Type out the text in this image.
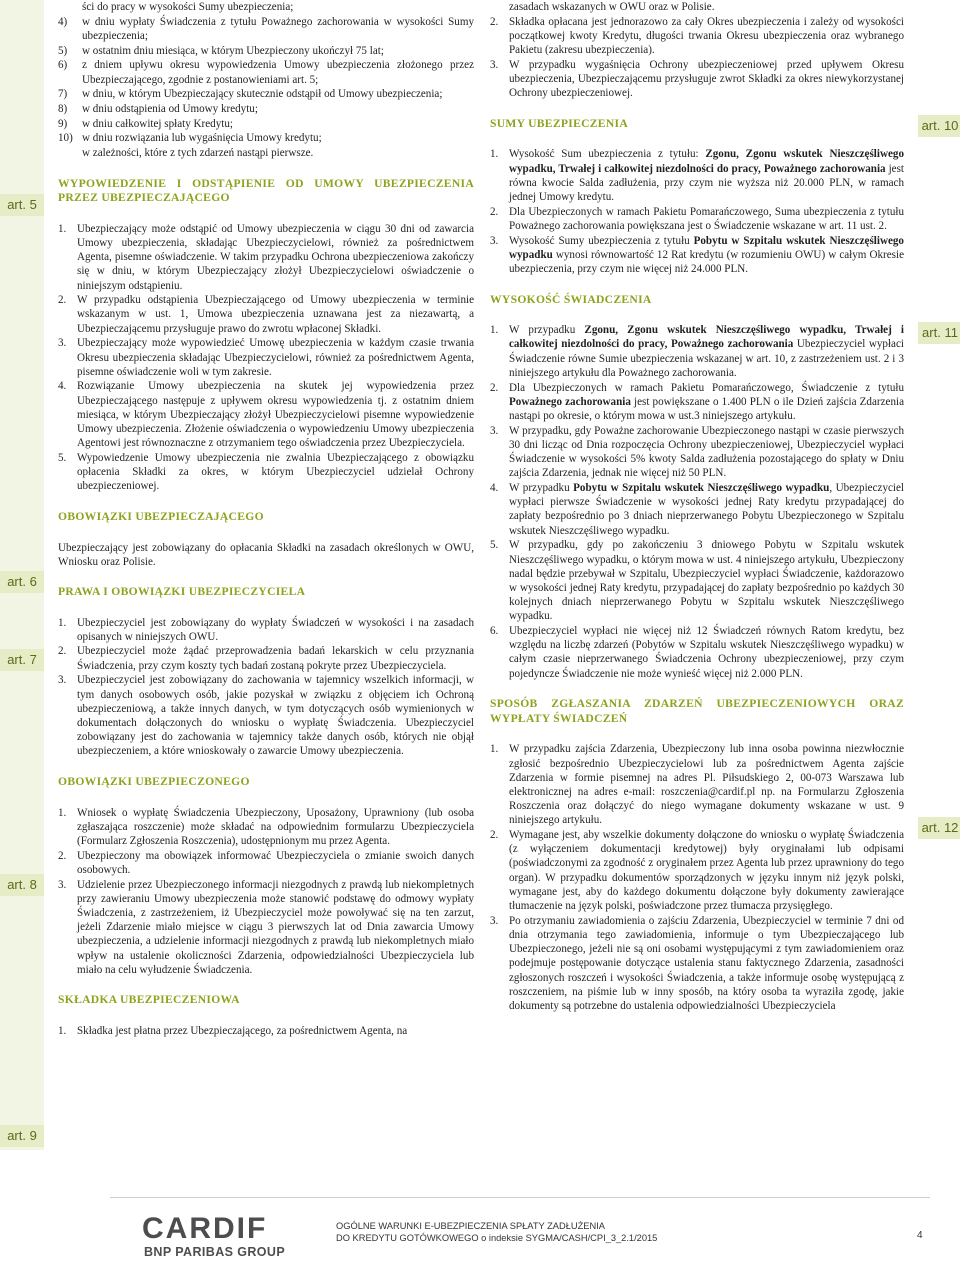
art. 5
art. 6
art. 7
art. 8
art. 9
art. 10
art. 11
art. 12
ści do pracy w wysokości Sumy ubezpieczenia;
4) w dniu wypłaty Świadczenia z tytułu Poważnego zachorowania w wysokości Sumy ubezpieczenia;
5) w ostatnim dniu miesiąca, w którym Ubezpieczony ukończył 75 lat;
6) z dniem upływu okresu wypowiedzenia Umowy ubezpieczenia złożonego przez Ubezpieczającego, zgodnie z postanowieniami art. 5;
7) w dniu, w którym Ubezpieczający skutecznie odstąpił od Umowy ubezpieczenia;
8) w dniu odstąpienia od Umowy kredytu;
9) w dniu całkowitej spłaty Kredytu;
10) w dniu rozwiązania lub wygaśnięcia Umowy kredytu;
w zależności, które z tych zdarzeń nastąpi pierwsze.
WYPOWIEDZENIE I ODSTĄPIENIE OD UMOWY UBEZPIECZENIA PRZEZ UBEZPIECZAJĄCEGO
1. Ubezpieczający może odstąpić od Umowy ubezpieczenia w ciągu 30 dni od zawarcia Umowy ubezpieczenia, składając Ubezpieczycielowi, również za pośrednictwem Agenta, pisemne oświadczenie. W takim przypadku Ochrona ubezpieczeniowa zakończy się w dniu, w którym Ubezpieczający złożył Ubezpieczycielowi oświadczenie o niniejszym odstąpieniu.
2. W przypadku odstąpienia Ubezpieczającego od Umowy ubezpieczenia w terminie wskazanym w ust. 1, Umowa ubezpieczenia uznawana jest za niezawartą, a Ubezpieczającemu przysługuje prawo do zwrotu wpłaconej Składki.
3. Ubezpieczający może wypowiedzieć Umowę ubezpieczenia w każdym czasie trwania Okresu ubezpieczenia składając Ubezpieczycielowi, również za pośrednictwem Agenta, pisemne oświadczenie woli w tym zakresie.
4. Rozwiązanie Umowy ubezpieczenia na skutek jej wypowiedzenia przez Ubezpieczającego następuje z upływem okresu wypowiedzenia tj. z ostatnim dniem miesiąca, w którym Ubezpieczający złożył Ubezpieczycielowi pisemne wypowiedzenie Umowy ubezpieczenia. Złożenie oświadczenia o wypowiedzeniu Umowy ubezpieczenia Agentowi jest równoznaczne z otrzymaniem tego oświadczenia przez Ubezpieczyciela.
5. Wypowiedzenie Umowy ubezpieczenia nie zwalnia Ubezpieczającego z obowiązku opłacenia Składki za okres, w którym Ubezpieczyciel udzielał Ochrony ubezpieczeniowej.
OBOWIĄZKI UBEZPIECZAJĄCEGO
Ubezpieczający jest zobowiązany do opłacania Składki na zasadach określonych w OWU, Wniosku oraz Polisie.
PRAWA I OBOWIĄZKI UBEZPIECZYCIELA
1. Ubezpieczyciel jest zobowiązany do wypłaty Świadczeń w wysokości i na zasadach opisanych w niniejszych OWU.
2. Ubezpieczyciel może żądać przeprowadzenia badań lekarskich w celu przyznania Świadczenia, przy czym koszty tych badań zostaną pokryte przez Ubezpieczyciela.
3. Ubezpieczyciel jest zobowiązany do zachowania w tajemnicy wszelkich informacji, w tym danych osobowych osób, jakie pozyskał w związku z objęciem ich Ochroną ubezpieczeniową, a także innych danych, w tym dotyczących osób wymienionych w dokumentach dołączonych do wniosku o wypłatę Świadczenia. Ubezpieczyciel zobowiązany jest do zachowania w tajemnicy także danych osób, których nie objął ubezpieczeniem, a które wnioskowały o zawarcie Umowy ubezpieczenia.
OBOWIĄZKI UBEZPIECZONEGO
1. Wniosek o wypłatę Świadczenia Ubezpieczony, Uposażony, Uprawniony (lub osoba zgłaszająca roszczenie) może składać na odpowiednim formularzu Ubezpieczyciela (Formularz Zgłoszenia Roszczenia), udostępnionym mu przez Agenta.
2. Ubezpieczony ma obowiązek informować Ubezpieczyciela o zmianie swoich danych osobowych.
3. Udzielenie przez Ubezpieczonego informacji niezgodnych z prawdą lub niekompletnych przy zawieraniu Umowy ubezpieczenia może stanowić podstawę do odmowy wypłaty Świadczenia, z zastrzeżeniem, iż Ubezpieczyciel może powoływać się na ten zarzut, jeżeli Zdarzenie miało miejsce w ciągu 3 pierwszych lat od Dnia zawarcia Umowy ubezpieczenia, a udzielenie informacji niezgodnych z prawdą lub niekompletnych miało wpływ na ustalenie okoliczności Zdarzenia, odpowiedzialności Ubezpieczyciela lub miało na celu wyłudzenie Świadczenia.
SKŁADKA UBEZPIECZENIOWA
1. Składka jest płatna przez Ubezpieczającego, za pośrednictwem Agenta, na
zasadach wskazanych w OWU oraz w Polisie.
2. Składka opłacana jest jednorazowo za cały Okres ubezpieczenia i zależy od wysokości początkowej kwoty Kredytu, długości trwania Okresu ubezpieczenia oraz wybranego Pakietu (zakresu ubezpieczenia).
3. W przypadku wygaśnięcia Ochrony ubezpieczeniowej przed upływem Okresu ubezpieczenia, Ubezpieczającemu przysługuje zwrot Składki za okres niewykorzystanej Ochrony ubezpieczeniowej.
SUMY UBEZPIECZENIA
1. Wysokość Sum ubezpieczenia z tytułu: Zgonu, Zgonu wskutek Nieszczęśliwego wypadku, Trwałej i całkowitej niezdolności do pracy, Poważnego zachorowania jest równa kwocie Salda zadłużenia, przy czym nie wyższa niż 20.000 PLN, w ramach jednej Umowy kredytu.
2. Dla Ubezpieczonych w ramach Pakietu Pomarańczowego, Suma ubezpieczenia z tytułu Poważnego zachorowania powiększana jest o Świadczenie wskazane w art. 11 ust. 2.
3. Wysokość Sumy ubezpieczenia z tytułu Pobytu w Szpitalu wskutek Nieszczęśliwego wypadku wynosi równowartość 12 Rat kredytu (w rozumieniu OWU) w całym Okresie ubezpieczenia, przy czym nie więcej niż 24.000 PLN.
WYSOKOŚĆ ŚWIADCZENIA
1. W przypadku Zgonu, Zgonu wskutek Nieszczęśliwego wypadku, Trwałej i całkowitej niezdolności do pracy, Poważnego zachorowania Ubezpieczyciel wypłaci Świadczenie równe Sumie ubezpieczenia wskazanej w art. 10, z zastrzeżeniem ust. 2 i 3 niniejszego artykułu dla Poważnego zachorowania.
2. Dla Ubezpieczonych w ramach Pakietu Pomarańczowego, Świadczenie z tytułu Poważnego zachorowania jest powiększane o 1.400 PLN o ile Dzień zajścia Zdarzenia nastąpi po okresie, o którym mowa w ust.3 niniejszego artykułu.
3. W przypadku, gdy Poważne zachorowanie Ubezpieczonego nastąpi w czasie pierwszych 30 dni licząc od Dnia rozpoczęcia Ochrony ubezpieczeniowej, Ubezpieczyciel wypłaci Świadczenie w wysokości 5% kwoty Salda zadłużenia pozostającego do spłaty w Dniu zajścia Zdarzenia, jednak nie więcej niż 50 PLN.
4. W przypadku Pobytu w Szpitalu wskutek Nieszczęśliwego wypadku, Ubezpieczyciel wypłaci pierwsze Świadczenie w wysokości jednej Raty kredytu przypadającej do zapłaty bezpośrednio po 3 dniach nieprzerwanego Pobytu Ubezpieczonego w Szpitalu wskutek Nieszczęśliwego wypadku.
5. W przypadku, gdy po zakończeniu 3 dniowego Pobytu w Szpitalu wskutek Nieszczęśliwego wypadku, o którym mowa w ust. 4 niniejszego artykułu, Ubezpieczony nadal będzie przebywał w Szpitalu, Ubezpieczyciel wypłaci Świadczenie, każdorazowo w wysokości jednej Raty kredytu, przypadającej do zapłaty bezpośrednio po każdych 30 kolejnych dniach nieprzerwanego Pobytu w Szpitalu wskutek Nieszczęśliwego wypadku.
6. Ubezpieczyciel wypłaci nie więcej niż 12 Świadczeń równych Ratom kredytu, bez względu na liczbę zdarzeń (Pobytów w Szpitalu wskutek Nieszczęśliwego wypadku) w całym czasie nieprzerwanego Świadczenia Ochrony ubezpieczeniowej, przy czym pojedyncze Świadczenie nie może wynieść więcej niż 2.000 PLN.
SPOSÓB ZGŁASZANIA ZDARZEŃ UBEZPIECZENIOWYCH ORAZ WYPŁATY ŚWIADCZEŃ
1. W przypadku zajścia Zdarzenia, Ubezpieczony lub inna osoba powinna niezwłocznie zgłosić bezpośrednio Ubezpieczycielowi lub za pośrednictwem Agenta zajście Zdarzenia w formie pisemnej na adres Pl. Piłsudskiego 2, 00-073 Warszawa lub elektronicznej na adres e-mail: roszczenia@cardif.pl np. na Formularzu Zgłoszenia Roszczenia oraz dołączyć do niego wymagane dokumenty wskazane w ust. 9 niniejszego artykułu.
2. Wymagane jest, aby wszelkie dokumenty dołączone do wniosku o wypłatę Świadczenia (z wyłączeniem dokumentacji kredytowej) były oryginałami lub odpisami (poświadczonymi za zgodność z oryginałem przez Agenta lub przez uprawniony do tego organ). W przypadku dokumentów sporządzonych w języku innym niż język polski, wymagane jest, aby do każdego dokumentu dołączone były dokumenty zawierające tłumaczenie na język polski, poświadczone przez tłumacza przysięgłego.
3. Po otrzymaniu zawiadomienia o zajściu Zdarzenia, Ubezpieczyciel w terminie 7 dni od dnia otrzymania tego zawiadomienia, informuje o tym Ubezpieczającego lub Ubezpieczonego, jeżeli nie są oni osobami występującymi z tym zawiadomieniem oraz podejmuje postępowanie dotyczące ustalenia stanu faktycznego Zdarzenia, zasadności zgłoszonych roszczeń i wysokości Świadczenia, a także informuje osobę występującą z roszczeniem, na piśmie lub w inny sposób, na który osoba ta wyraziła zgodę, jakie dokumenty są potrzebne do ustalenia odpowiedzialności Ubezpieczyciela
CARDIF
BNP PARIBAS GROUP
OGÓLNE WARUNKI E-UBEZPIECZENIA SPŁATY ZADŁUŻENIA
DO KREDYTU GOTÓWKOWEGO o indeksie SYGMA/CASH/CPI_3_2.1/2015	4
